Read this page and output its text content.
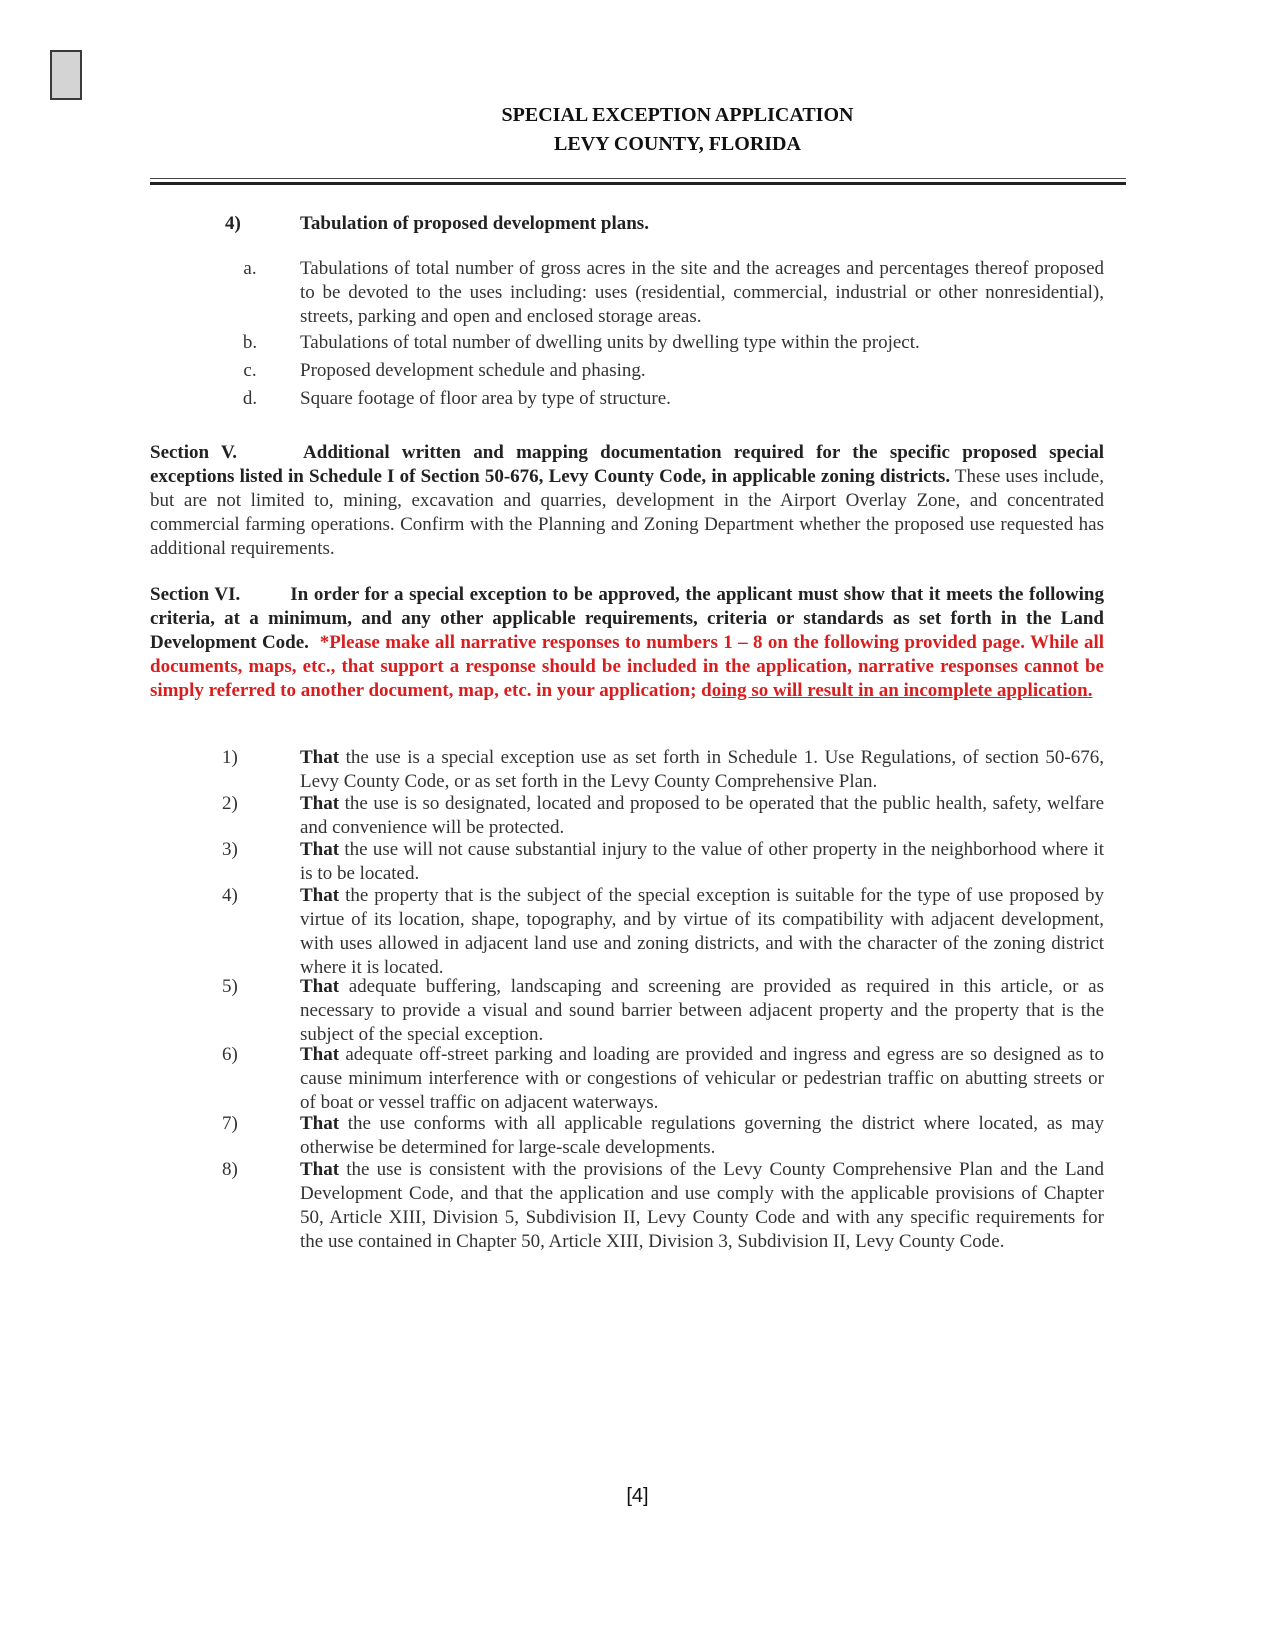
SPECIAL EXCEPTION APPLICATION
LEVY COUNTY, FLORIDA
4)	Tabulation of proposed development plans.
a.	Tabulations of total number of gross acres in the site and the acreages and percentages thereof proposed to be devoted to the uses including: uses (residential, commercial, industrial or other nonresidential), streets, parking and open and enclosed storage areas.
b.	Tabulations of total number of dwelling units by dwelling type within the project.
c.	Proposed development schedule and phasing.
d.	Square footage of floor area by type of structure.
Section V.	Additional written and mapping documentation required for the specific proposed special exceptions listed in Schedule I of Section 50-676, Levy County Code, in applicable zoning districts. These uses include, but are not limited to, mining, excavation and quarries, development in the Airport Overlay Zone, and concentrated commercial farming operations. Confirm with the Planning and Zoning Department whether the proposed use requested has additional requirements.
Section VI.	In order for a special exception to be approved, the applicant must show that it meets the following criteria, at a minimum, and any other applicable requirements, criteria or standards as set forth in the Land Development Code. *Please make all narrative responses to numbers 1 – 8 on the following provided page. While all documents, maps, etc., that support a response should be included in the application, narrative responses cannot be simply referred to another document, map, etc. in your application; doing so will result in an incomplete application.
1)	That the use is a special exception use as set forth in Schedule 1. Use Regulations, of section 50-676, Levy County Code, or as set forth in the Levy County Comprehensive Plan.
2)	That the use is so designated, located and proposed to be operated that the public health, safety, welfare and convenience will be protected.
3)	That the use will not cause substantial injury to the value of other property in the neighborhood where it is to be located.
4)	That the property that is the subject of the special exception is suitable for the type of use proposed by virtue of its location, shape, topography, and by virtue of its compatibility with adjacent development, with uses allowed in adjacent land use and zoning districts, and with the character of the zoning district where it is located.
5)	That adequate buffering, landscaping and screening are provided as required in this article, or as necessary to provide a visual and sound barrier between adjacent property and the property that is the subject of the special exception.
6)	That adequate off-street parking and loading are provided and ingress and egress are so designed as to cause minimum interference with or congestions of vehicular or pedestrian traffic on abutting streets or of boat or vessel traffic on adjacent waterways.
7)	That the use conforms with all applicable regulations governing the district where located, as may otherwise be determined for large-scale developments.
8)	That the use is consistent with the provisions of the Levy County Comprehensive Plan and the Land Development Code, and that the application and use comply with the applicable provisions of Chapter 50, Article XIII, Division 5, Subdivision II, Levy County Code and with any specific requirements for the use contained in Chapter 50, Article XIII, Division 3, Subdivision II, Levy County Code.
[4]
